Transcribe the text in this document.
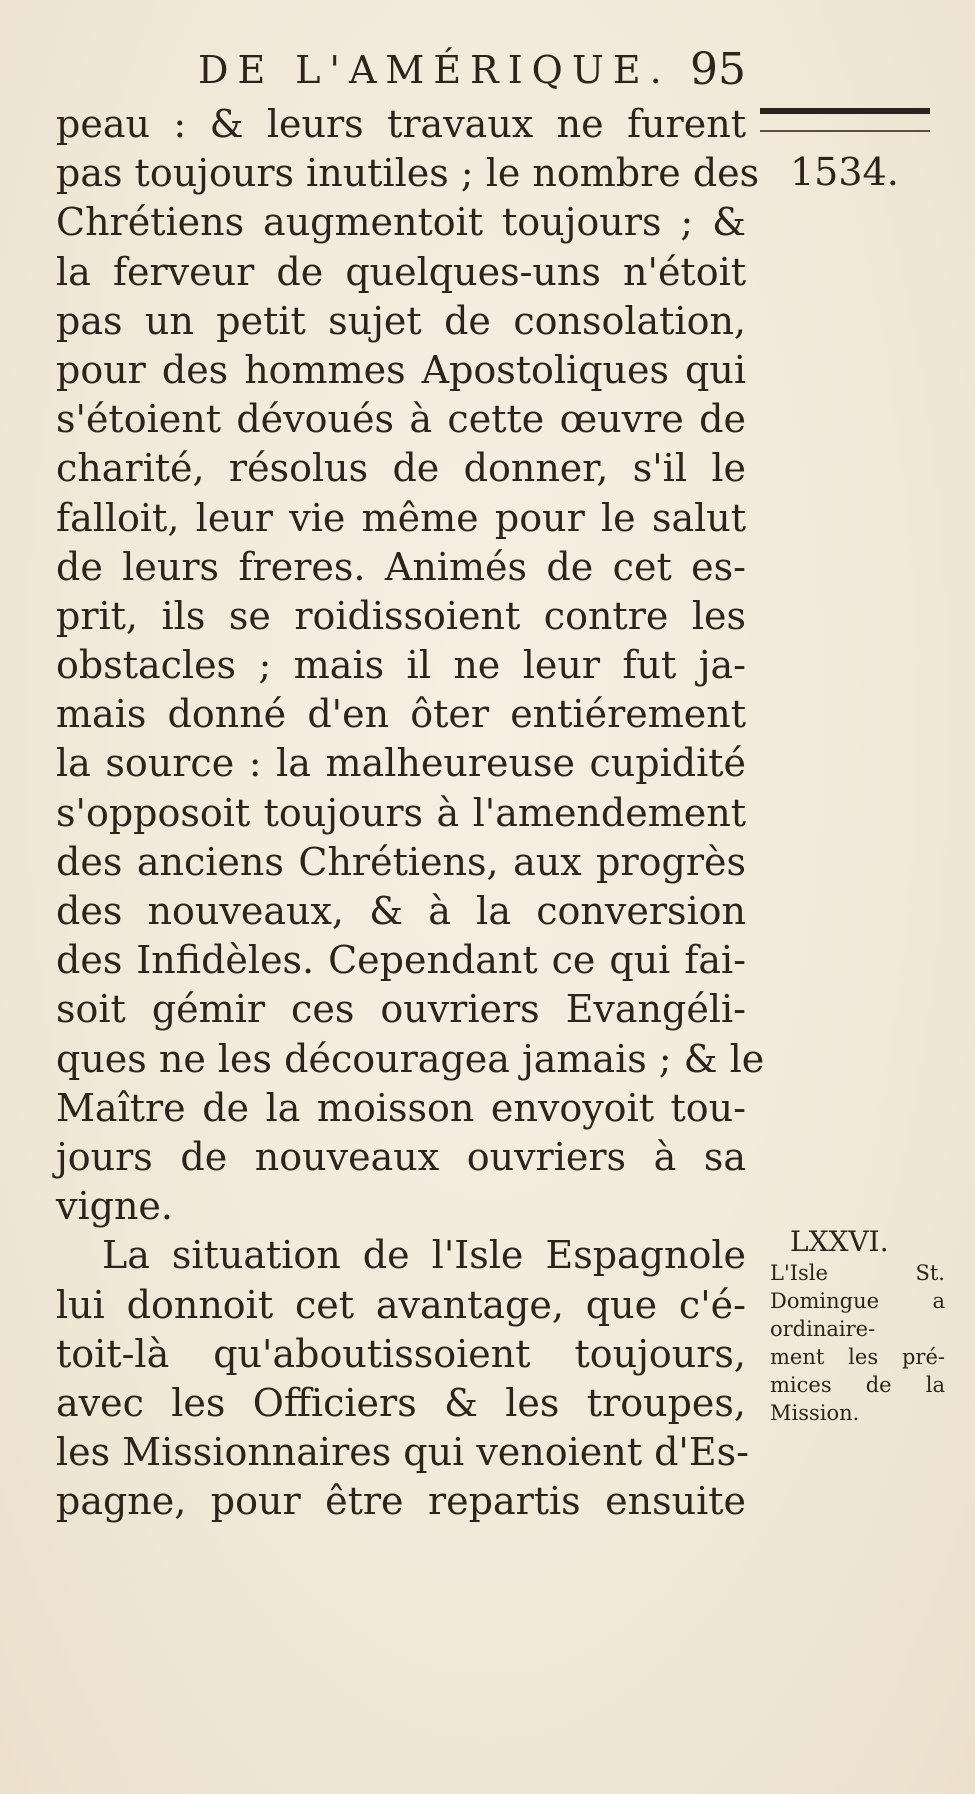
DE L'AMÉRIQUE. 95
1534.
peau : & leurs travaux ne furent
pas toujours inutiles ; le nombre des
Chrétiens augmentoit toujours ; &
la ferveur de quelques-uns n'étoit
pas un petit sujet de consolation,
pour des hommes Apostoliques qui
s'étoient dévoués à cette œuvre de
charité, résolus de donner, s'il le
falloit, leur vie même pour le salut
de leurs freres. Animés de cet es-
prit, ils se roidissoient contre les
obstacles ; mais il ne leur fut ja-
mais donné d'en ôter entiérement
la source : la malheureuse cupidité
s'opposoit toujours à l'amendement
des anciens Chrétiens, aux progrès
des nouveaux, & à la conversion
des Infidèles. Cependant ce qui fai-
soit gémir ces ouvriers Evangéli-
ques ne les découragea jamais ; & le
Maître de la moisson envoyoit tou-
jours de nouveaux ouvriers à sa
vigne.
La situation de l'Isle Espagnole
lui donnoit cet avantage, que c'é-
toit-là qu'aboutissoient toujours,
avec les Officiers & les troupes,
les Missionnaires qui venoient d'Es-
pagne, pour être repartis ensuite
LXXVI.
L'Isle St.
Domingue a
ordinaire-
ment les pré-
mices de la
Mission.
